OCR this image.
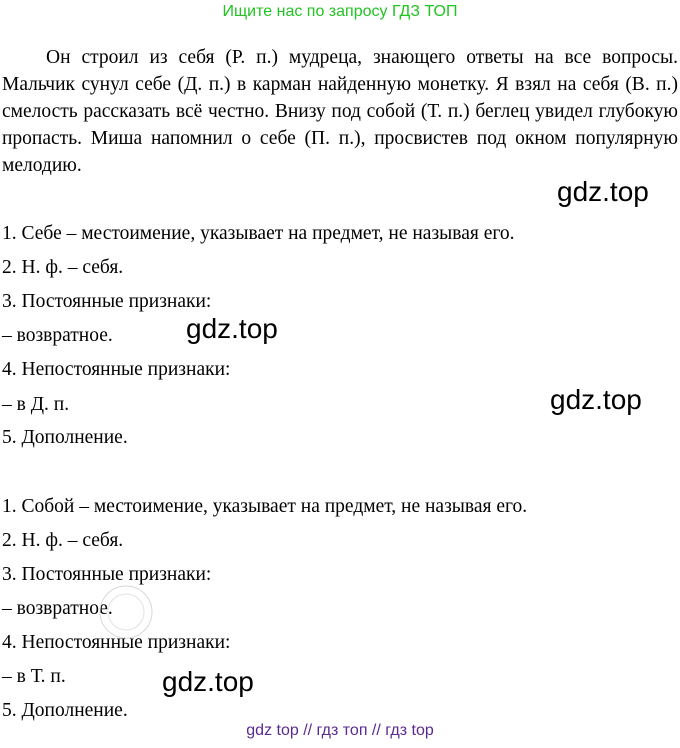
Ищите нас по запросу ГДЗ ТОП

Он строил из себя (Р. п.) мудреца, знающего ответы на все вопросы. Мальчик сунул себе (Д. п.) в карман найденную монетку. Я взял на себя (В. п.) смелость рассказать всё честно. Внизу под собой (Т. п.) беглец увидел глубокую пропасть. Миша напомнил о себе (П. п.), просвистев под окном популярную мелодию.

gdz.top
1. Себе – местоимение, указывает на предмет, не называя его.
2. Н. ф. – себя.
3. Постоянные признаки:
– возвратное.	gdz.top
4. Непостоянные признаки:
– в Д. п.	gdz.top
5. Дополнение.
1. Собой – местоимение, указывает на предмет, не называя его.
2. Н. ф. – себя.
3. Постоянные признаки:
– возвратное.
4. Непостоянные признаки:
– в Т. п.	gdz.top
5. Дополнение.
gdz top // гдз топ // гдз top
